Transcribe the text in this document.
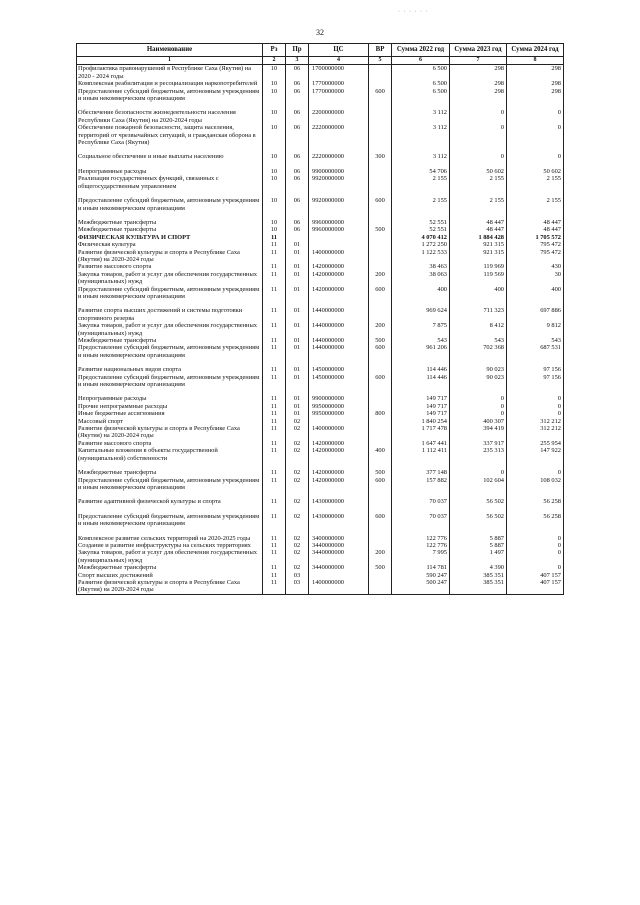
32
· · · · · ·
Наименование	Рз	Пр	ЦС	ВР	Сумма 2022 год	Сумма 2023 год	Сумма 2024 год
1	2	3	4	5	6	7	8
Профилактика правонарушений в Республике Саха (Якутия) на 2020 - 2024 годы	10	06	1700000000		6 500	298	298
Комплексная реабилитация и ресоциализация наркопотребителей	10	06	1770000000		6 500	298	298
Предоставление субсидий бюджетным, автономным учреждениям и иным некоммерческим организациям	10	06	1770000000	600	6 500	298	298

Обеспечение безопасности жизнедеятельности населения Республики Саха (Якутия) на 2020-2024 годы	10	06	2200000000		3 112	0	0
Обеспечение пожарной безопасности, защита населения, территорий от чрезвычайных ситуаций, и гражданская оборона в Республике Саха (Якутия)	10	06	2220000000		3 112	0	0

Социальное обеспечение и иные выплаты населению	10	06	2220000000	300	3 112	0	0

Непрограммные расходы	10	06	9900000000		54 706	50 602	50 602
Реализация государственных функций, связанных с общегосударственным управлением	10	06	9920000000		2 155	2 155	2 155

Предоставление субсидий бюджетным, автономным учреждениям и иным некоммерческим организациям	10	06	9920000000	600	2 155	2 155	2 155

Межбюджетные трансферты	10	06	9960000000		52 551	48 447	48 447
Межбюджетные трансферты	10	06	9960000000	500	52 551	48 447	48 447
ФИЗИЧЕСКАЯ КУЛЬТУРА И СПОРТ	11				4 070 412	1 884 428	1 705 572
Физическая культура	11	01			1 272 250	921 315	795 472
Развитие физической культуры и спорта в Республике Саха (Якутия) на 2020-2024 годы	11	01	1400000000		1 122 533	921 315	795 472
Развитие массового спорта	11	01	1420000000		38 463	119 969	430
Закупка товаров, работ и услуг для обеспечения государственных (муниципальных) нужд	11	01	1420000000	200	38 063	119 569	30
Предоставление субсидий бюджетным, автономным учреждениям и иным некоммерческим организациям	11	01	1420000000	600	400	400	400

Развитие спорта высших достижений и системы подготовки спортивного резерва	11	01	1440000000		969 624	711 323	697 886
Закупка товаров, работ и услуг для обеспечения государственных (муниципальных) нужд	11	01	1440000000	200	7 875	8 412	9 812
Межбюджетные трансферты	11	01	1440000000	500	543	543	543
Предоставление субсидий бюджетным, автономным учреждениям и иным некоммерческим организациям	11	01	1440000000	600	961 206	702 368	687 531

Развитие национальных видов спорта	11	01	1450000000		114 446	90 023	97 156
Предоставление субсидий бюджетным, автономным учреждениям и иным некоммерческим организациям	11	01	1450000000	600	114 446	90 023	97 156

Непрограммные расходы	11	01	9900000000		149 717	0	0
Прочие непрограммные расходы	11	01	9950000000		149 717	0	0
Иные бюджетные ассигнования	11	01	9950000000	800	149 717	0	0
Массовый спорт	11	02			1 840 254	400 307	312 212
Развитие физической культуры и спорта в Республике Саха (Якутия) на 2020-2024 годы	11	02	1400000000		1 717 478	394 419	312 212
Развитие массового спорта	11	02	1420000000		1 647 441	337 917	255 954
Капитальные вложения в объекты государственной (муниципальной) собственности	11	02	1420000000	400	1 112 411	235 313	147 922

Межбюджетные трансферты	11	02	1420000000	500	377 148	0	0
Предоставление субсидий бюджетным, автономным учреждениям и иным некоммерческим организациям	11	02	1420000000	600	157 882	102 604	108 032

Развитие адаптивной физической культуры и спорта	11	02	1430000000		70 037	56 502	56 258

Предоставление субсидий бюджетным, автономным учреждениям и иным некоммерческим организациям	11	02	1430000000	600	70 037	56 502	56 258

Комплексное развитие сельских территорий на 2020-2025 годы	11	02	3400000000		122 776	5 887	0
Создание и развитие инфраструктуры на сельских территориях	11	02	3440000000		122 776	5 887	0
Закупка товаров, работ и услуг для обеспечения государственных (муниципальных) нужд	11	02	3440000000	200	7 995	1 497	0
Межбюджетные трансферты	11	02	3440000000	500	114 781	4 390	0
Спорт высших достижений	11	03			590 247	385 351	407 157
Развитие физической культуры и спорта в Республике Саха (Якутия) на 2020-2024 годы	11	03	1400000000		500 247	385 351	407 157
